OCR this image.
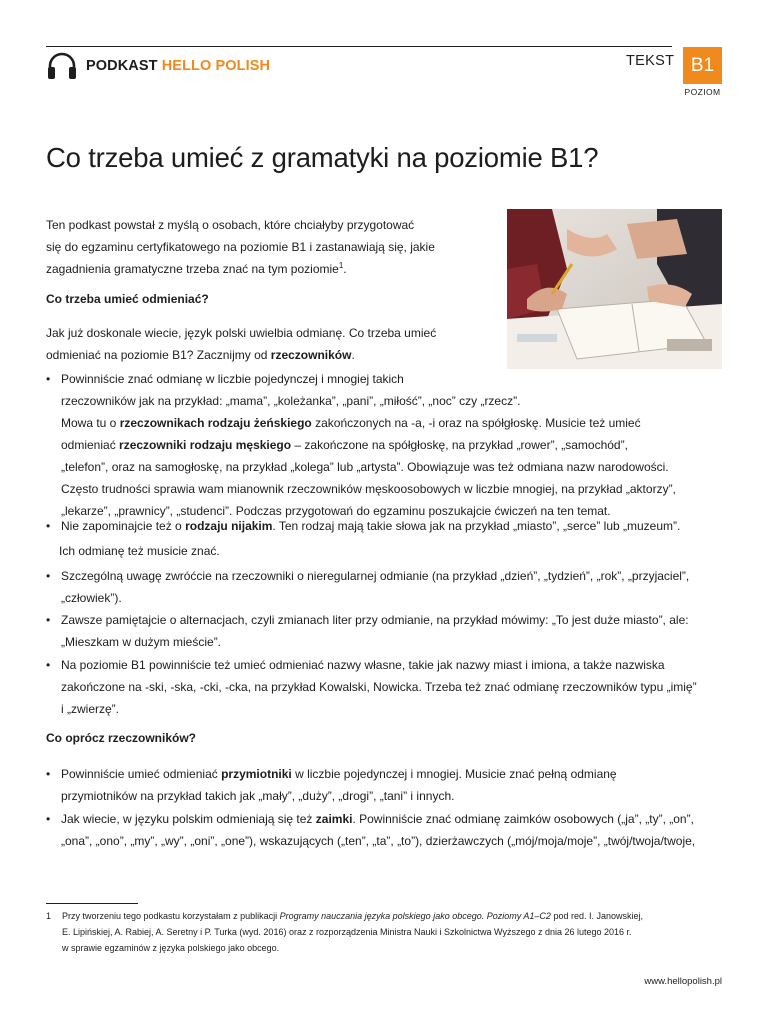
PODKAST HELLO POLISH	TEKST B1
POZIOM
Co trzeba umieć z gramatyki na poziomie B1?

Ten podkast powstał z myślą o osobach, które chciałyby przygotować
się do egzaminu certyfikatowego na poziomie B1 i zastanawiają się, jakie
zagadnienia gramatyczne trzeba znać na tym poziomie$^1$.

Co trzeba umieć odmieniać?

Jak już doskonale wiecie, język polski uwielbia odmianę. Co trzeba umieć
odmieniać na poziomie B1? Zacznijmy od rzeczowników.

• Powinniście znać odmianę w liczbie pojedynczej i mnogiej takich
rzeczowników jak na przykład: „mama”, „koleżanka”, „pani”, „miłość”, „noc” czy „rzecz”.
Mowa tu o rzeczownikach rodzaju żeńskiego zakończonych na -a, -i oraz na spółgłoskę. Musicie też umieć
odmieniać rzeczowniki rodzaju męskiego – zakończone na spółgłoskę, na przykład „rower”, „samochód”,
„telefon”, oraz na samogłoskę, na przykład „kolega” lub „artysta”. Obowiązuje was też odmiana nazw narodowości.
Często trudności sprawia wam mianownik rzeczowników męskoosobowych w liczbie mnogiej, na przykład „aktorzy”,
„lekarze”, „prawnicy”, „studenci”. Podczas przygotowań do egzaminu poszukajcie ćwiczeń na ten temat.
• Nie zapominajcie też o rodzaju nijakim. Ten rodzaj mają takie słowa jak na przykład „miasto”, „serce” lub „muzeum”.
Ich odmianę też musicie znać.
• Szczególną uwagę zwróćcie na rzeczowniki o nieregularnej odmianie (na przykład „dzień”, „tydzień”, „rok”, „przyjaciel”,
„człowiek”).
• Zawsze pamiętajcie o alternacjach, czyli zmianach liter przy odmianie, na przykład mówimy: „To jest duże miasto”, ale:
„Mieszkam w dużym mieście”.
• Na poziomie B1 powinniście też umieć odmieniać nazwy własne, takie jak nazwy miast i imiona, a także nazwiska
zakończone na -ski, -ska, -cki, -cka, na przykład Kowalski, Nowicka. Trzeba też znać odmianę rzeczowników typu „imię”
i „zwierzę”.

Co oprócz rzeczowników?

• Powinniście umieć odmieniać przymiotniki w liczbie pojedynczej i mnogiej. Musicie znać pełną odmianę
przymiotników na przykład takich jak „mały”, „duży”, „drogi”, „tani” i innych.
• Jak wiecie, w języku polskim odmieniają się też zaimki. Powinniście znać odmianę zaimków osobowych („ja”, „ty”, „on”,
„ona”, „ono”, „my”, „wy”, „oni”, „one”), wskazujących („ten”, „ta”, „to”), dzierżawczych („mój/moja/moje”, „twój/twoja/twoje,
1	Przy tworzeniu tego podkastu korzystałam z publikacji Programy nauczania języka polskiego jako obcego. Poziomy A1–C2 pod red. I. Janowskiej,
E. Lipińskiej, A. Rabiej, A. Seretny i P. Turka (wyd. 2016) oraz z rozporządzenia Ministra Nauki i Szkolnictwa Wyższego z dnia 26 lutego 2016 r.
w sprawie egzaminów z języka polskiego jako obcego.
www.hellopolish.pl
